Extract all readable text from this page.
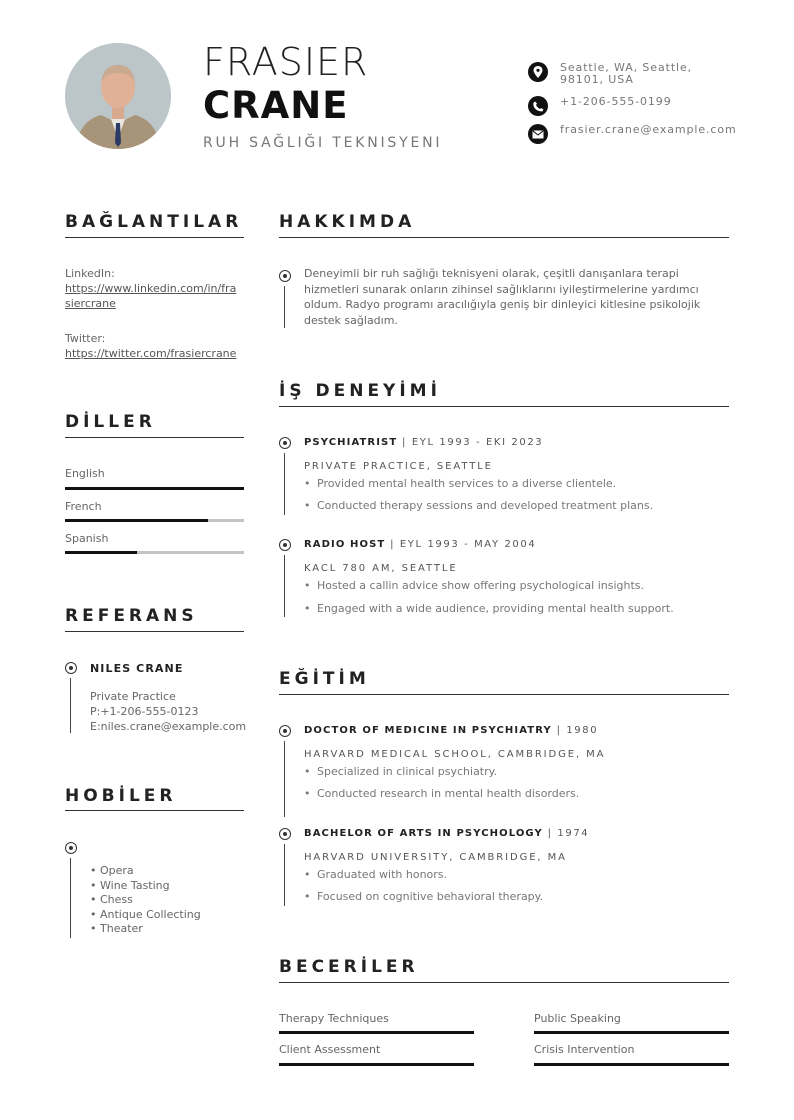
FRASIER
CRANE
RUH SAĞLIĞI TEKNISYENI
Seattle, WA, Seattle, 98101, USA
+1-206-555-0199
frasier.crane@example.com
BAĞLANTILAR
LinkedIn:
https://www.linkedin.com/in/fra
siercrane
Twitter:
https://twitter.com/frasiercrane
DİLLER
English
French
Spanish
REFERANS
NILES CRANE
Private Practice
P:+1-206-555-0123
E:niles.crane@example.com
HOBİLER
• Opera
• Wine Tasting
• Chess
• Antique Collecting
• Theater
HAKKIMDA
Deneyimli bir ruh sağlığı teknisyeni olarak, çeşitli danışanlara terapi hizmetleri sunarak onların zihinsel sağlıklarını iyileştirmelerine yardımcı oldum. Radyo programı aracılığıyla geniş bir dinleyici kitlesine psikolojik destek sağladım.
İŞ DENEYİMİ
PSYCHIATRIST | EYL 1993 - EKI 2023
PRIVATE PRACTICE, SEATTLE
• Provided mental health services to a diverse clientele.
• Conducted therapy sessions and developed treatment plans.
RADIO HOST | EYL 1993 - MAY 2004
KACL 780 AM, SEATTLE
• Hosted a callin advice show offering psychological insights.
• Engaged with a wide audience, providing mental health support.
EĞİTİM
DOCTOR OF MEDICINE IN PSYCHIATRY | 1980
HARVARD MEDICAL SCHOOL, CAMBRIDGE, MA
• Specialized in clinical psychiatry.
• Conducted research in mental health disorders.
BACHELOR OF ARTS IN PSYCHOLOGY | 1974
HARVARD UNIVERSITY, CAMBRIDGE, MA
• Graduated with honors.
• Focused on cognitive behavioral therapy.
BECERİLER
Therapy Techniques	Public Speaking
Client Assessment	Crisis Intervention
